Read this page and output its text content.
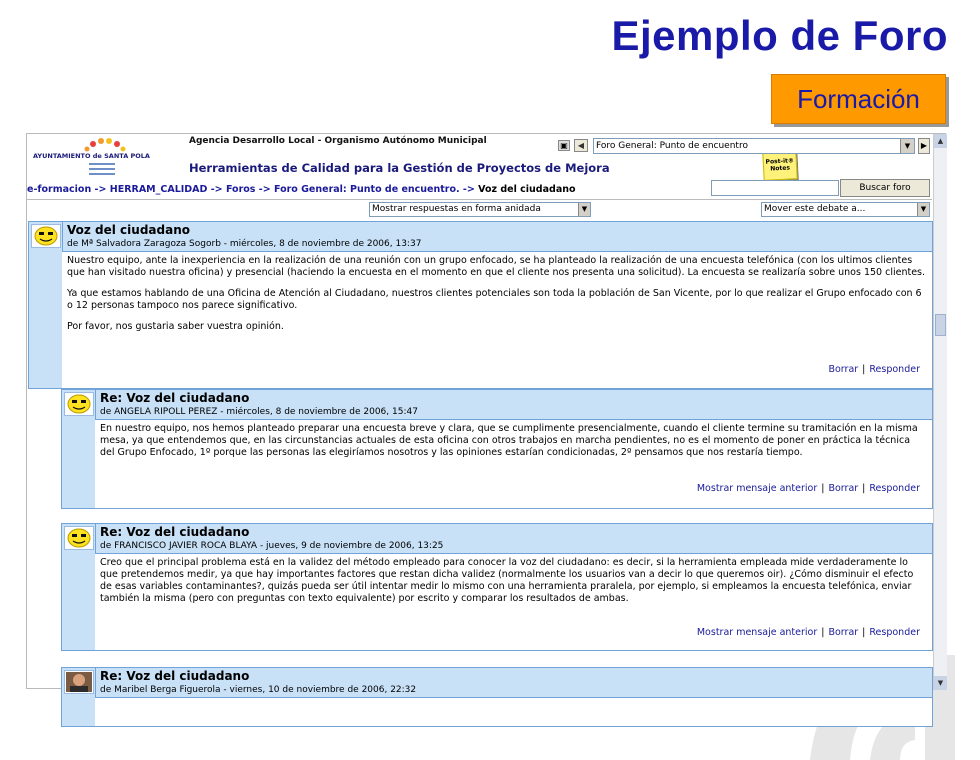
Ejemplo de Foro
Formación
AYUNTAMIENTO de SANTA POLA
Agencia Desarrollo Local - Organismo Autónomo Municipal
Herramientas de Calidad para la Gestión de Proyectos de Mejora	Post-it® Notes
▣	◀	Foro General: Punto de encuentro	▼	▶
e-formacion -> HERRAM_CALIDAD -> Foros -> Foro General: Punto de encuentro. -> Voz del ciudadano	Buscar foro
Mostrar respuestas en forma anidada	▼	Mover este debate a...	▼
Voz del ciudadano
de Mª Salvadora Zaragoza Sogorb - miércoles, 8 de noviembre de 2006, 13:37

Nuestro equipo, ante la inexperiencia en la realización de una reunión con un grupo enfocado, se ha planteado la realización de una encuesta telefónica (con los ultimos clientes que han visitado nuestra oficina) y presencial (haciendo la encuesta en el momento en que el cliente nos presenta una solicitud). La encuesta se realizaría sobre unos 150 clientes.

Ya que estamos hablando de una Oficina de Atención al Ciudadano, nuestros clientes potenciales son toda la población de San Vicente, por lo que realizar el Grupo enfocado con 6 o 12 personas tampoco nos parece significativo.

Por favor, nos gustaria saber vuestra opinión.

Borrar | Responder
Re: Voz del ciudadano
de ANGELA RIPOLL PEREZ - miércoles, 8 de noviembre de 2006, 15:47

En nuestro equipo, nos hemos planteado preparar una encuesta breve y clara, que se cumplimente presencialmente, cuando el cliente termine su tramitación en la misma mesa, ya que entendemos que, en las circunstancias actuales de esta oficina con otros trabajos en marcha pendientes, no es el momento de poner en práctica la técnica del Grupo Enfocado, 1º porque las personas las elegiríamos nosotros y las opiniones estarían condicionadas, 2º pensamos que nos restaría tiempo.

Mostrar mensaje anterior | Borrar | Responder
Re: Voz del ciudadano
de FRANCISCO JAVIER ROCA BLAYA - jueves, 9 de noviembre de 2006, 13:25

Creo que el principal problema está en la validez del método empleado para conocer la voz del ciudadano: es decir, si la herramienta empleada mide verdaderamente lo que pretendemos medir, ya que hay importantes factores que restan dicha validez (normalmente los usuarios van a decir lo que queremos oir). ¿Cómo disminuir el efecto de esas variables contaminantes?, quizás pueda ser útil intentar medir lo mismo con una herramienta praralela, por ejemplo, si empleamos la encuesta telefónica, enviar también la misma (pero con preguntas con texto equivalente) por escrito y comparar los resultados de ambas.

Mostrar mensaje anterior | Borrar | Responder
Re: Voz del ciudadano
de Maribel Berga Figuerola - viernes, 10 de noviembre de 2006, 22:32
▲
▼
